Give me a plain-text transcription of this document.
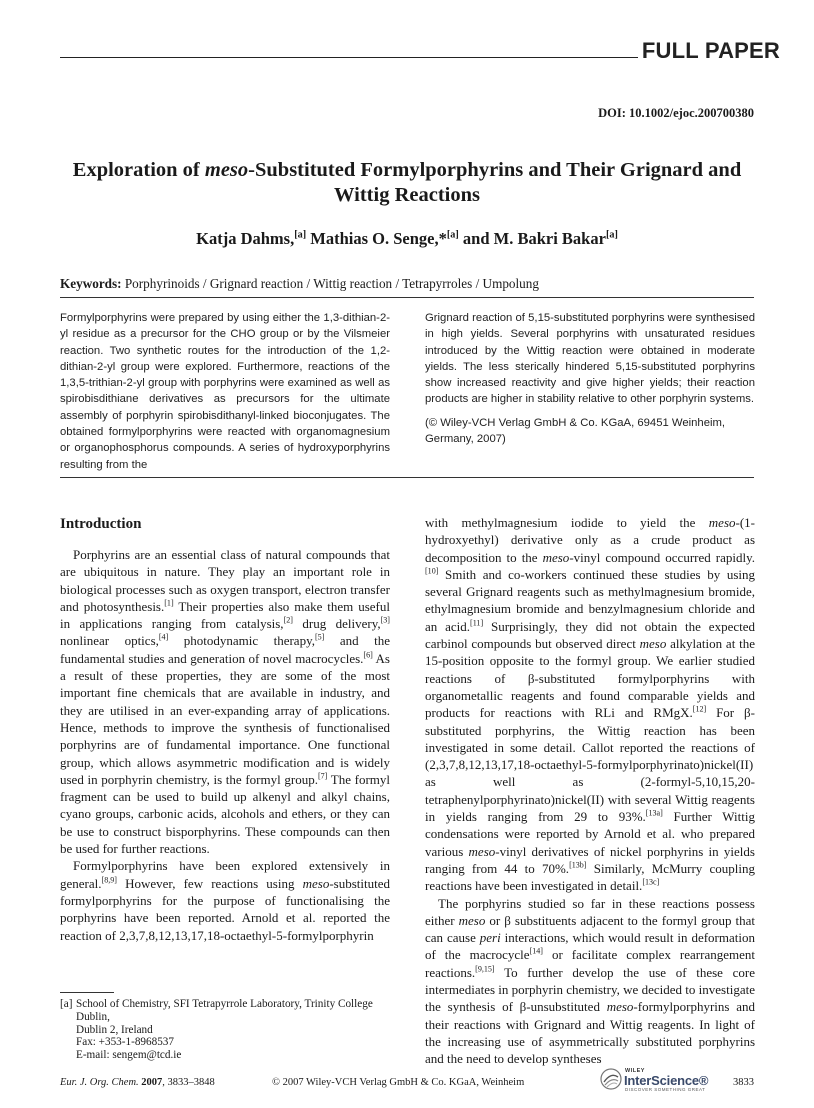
FULL PAPER
DOI: 10.1002/ejoc.200700380
Exploration of meso-Substituted Formylporphyrins and Their Grignard and Wittig Reactions
Katja Dahms,[a] Mathias O. Senge,*[a] and M. Bakri Bakar[a]
Keywords: Porphyrinoids / Grignard reaction / Wittig reaction / Tetrapyrroles / Umpolung

Formylporphyrins were prepared by using either the 1,3-dithian-2-yl residue as a precursor for the CHO group or by the Vilsmeier reaction. Two synthetic routes for the introduction of the 1,2-dithian-2-yl group were explored. Furthermore, reactions of the 1,3,5-trithian-2-yl group with porphyrins were examined as well as spirobisdithiane derivatives as precursors for the ultimate assembly of porphyrin spirobisdithanyl-linked bioconjugates. The obtained formylporphyrins were reacted with organomagnesium or organophosphorus compounds. A series of hydroxyporphyrins resulting from the

Grignard reaction of 5,15-substituted porphyrins were synthesised in high yields. Several porphyrins with unsaturated residues introduced by the Wittig reaction were obtained in moderate yields. The less sterically hindered 5,15-substituted porphyrins show increased reactivity and give higher yields; their reaction products are higher in stability relative to other porphyrin systems.

(© Wiley-VCH Verlag GmbH & Co. KGaA, 69451 Weinheim, Germany, 2007)

Introduction

Porphyrins are an essential class of natural compounds that are ubiquitous in nature. They play an important role in biological processes such as oxygen transport, electron transfer and photosynthesis.[1] Their properties also make them useful in applications ranging from catalysis,[2] drug delivery,[3] nonlinear optics,[4] photodynamic therapy,[5] and the fundamental studies and generation of novel macrocycles.[6] As a result of these properties, they are some of the most important fine chemicals that are available in industry, and they are utilised in an ever-expanding array of applications. Hence, methods to improve the synthesis of functionalised porphyrins are of fundamental importance. One functional group, which allows asymmetric modification and is widely used in porphyrin chemistry, is the formyl group.[7] The formyl fragment can be used to build up alkenyl and alkyl chains, cyano groups, carbonic acids, alcohols and ethers, or they can be use to construct bisporphyrins. These compounds can then be used for further reactions.

Formylporphyrins have been explored extensively in general.[8,9] However, few reactions using meso-substituted formylporphyrins for the purpose of functionalising the porphyrins have been reported. Arnold et al. reported the reaction of 2,3,7,8,12,13,17,18-octaethyl-5-formylporphyrin

with methylmagnesium iodide to yield the meso-(1-hydroxyethyl) derivative only as a crude product as decomposition to the meso-vinyl compound occurred rapidly.[10] Smith and co-workers continued these studies by using several Grignard reagents such as methylmagnesium bromide, ethylmagnesium bromide and benzylmagnesium chloride and an acid.[11] Surprisingly, they did not obtain the expected carbinol compounds but observed direct meso alkylation at the 15-position opposite to the formyl group. We earlier studied reactions of β-substituted formylporphyrins with organometallic reagents and found comparable yields and products for reactions with RLi and RMgX.[12] For β-substituted porphyrins, the Wittig reaction has been investigated in some detail. Callot reported the reactions of (2,3,7,8,12,13,17,18-octaethyl-5-formylporphyrinato)nickel(II) as well as (2-formyl-5,10,15,20-tetraphenylporphyrinato)nickel(II) with several Wittig reagents in yields ranging from 29 to 93%.[13a] Further Wittig condensations were reported by Arnold et al. who prepared various meso-vinyl derivatives of nickel porphyrins in yields ranging from 44 to 70%.[13b] Similarly, McMurry coupling reactions have been investigated in detail.[13c]

The porphyrins studied so far in these reactions possess either meso or β substituents adjacent to the formyl group that can cause peri interactions, which would result in deformation of the macrocycle[14] or facilitate complex rearrangement reactions.[9,15] To further develop the use of these core intermediates in porphyrin chemistry, we decided to investigate the synthesis of β-unsubstituted meso-formylporphyrins and their reactions with Grignard and Wittig reagents. In light of the increasing use of asymmetrically substituted porphyrins and the need to develop syntheses

[a] School of Chemistry, SFI Tetrapyrrole Laboratory, Trinity College Dublin,
Dublin 2, Ireland
Fax: +353-1-8968537
E-mail: sengem@tcd.ie
Eur. J. Org. Chem. 2007, 3833–3848	© 2007 Wiley-VCH Verlag GmbH & Co. KGaA, Weinheim
WILEY
InterScience®
DISCOVER SOMETHING GREAT
3833
